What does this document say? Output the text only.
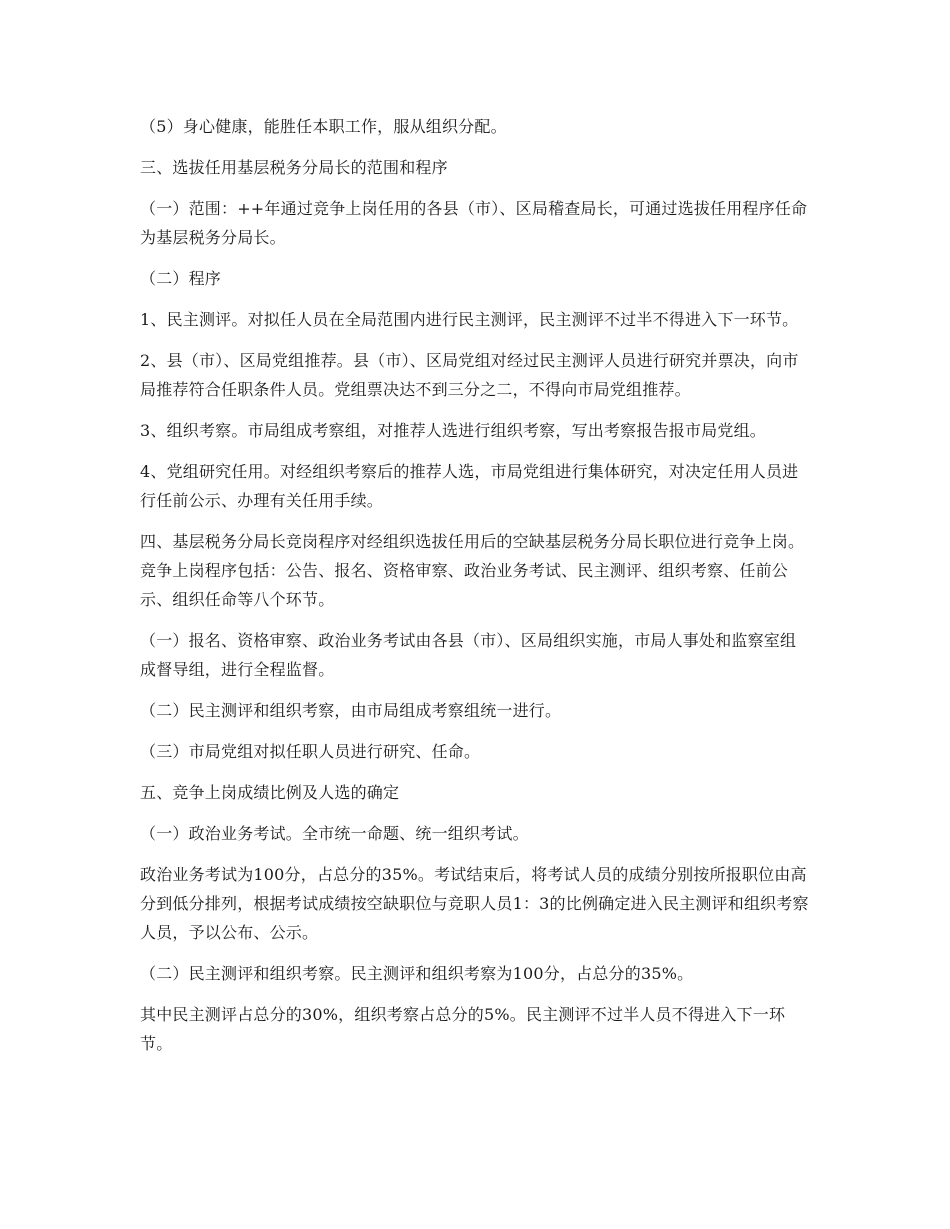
（5）身心健康，能胜任本职工作，服从组织分配。

三、选拔任用基层税务分局长的范围和程序

（一）范围：++年通过竞争上岗任用的各县（市）、区局稽查局长，可通过选拔任用程序任命为基层税务分局长。

（二）程序

1、民主测评。对拟任人员在全局范围内进行民主测评，民主测评不过半不得进入下一环节。

2、县（市）、区局党组推荐。县（市）、区局党组对经过民主测评人员进行研究并票决，向市局推荐符合任职条件人员。党组票决达不到三分之二，不得向市局党组推荐。

3、组织考察。市局组成考察组，对推荐人选进行组织考察，写出考察报告报市局党组。

4、党组研究任用。对经组织考察后的推荐人选，市局党组进行集体研究，对决定任用人员进行任前公示、办理有关任用手续。

四、基层税务分局长竞岗程序对经组织选拔任用后的空缺基层税务分局长职位进行竞争上岗。竞争上岗程序包括：公告、报名、资格审察、政治业务考试、民主测评、组织考察、任前公示、组织任命等八个环节。

（一）报名、资格审察、政治业务考试由各县（市）、区局组织实施，市局人事处和监察室组成督导组，进行全程监督。

（二）民主测评和组织考察，由市局组成考察组统一进行。

（三）市局党组对拟任职人员进行研究、任命。

五、竞争上岗成绩比例及人选的确定

（一）政治业务考试。全市统一命题、统一组织考试。

政治业务考试为100分，占总分的35%。考试结束后，将考试人员的成绩分别按所报职位由高分到低分排列，根据考试成绩按空缺职位与竞职人员1：3的比例确定进入民主测评和组织考察人员，予以公布、公示。

（二）民主测评和组织考察。民主测评和组织考察为100分，占总分的35%。

其中民主测评占总分的30%，组织考察占总分的5%。民主测评不过半人员不得进入下一环节。
